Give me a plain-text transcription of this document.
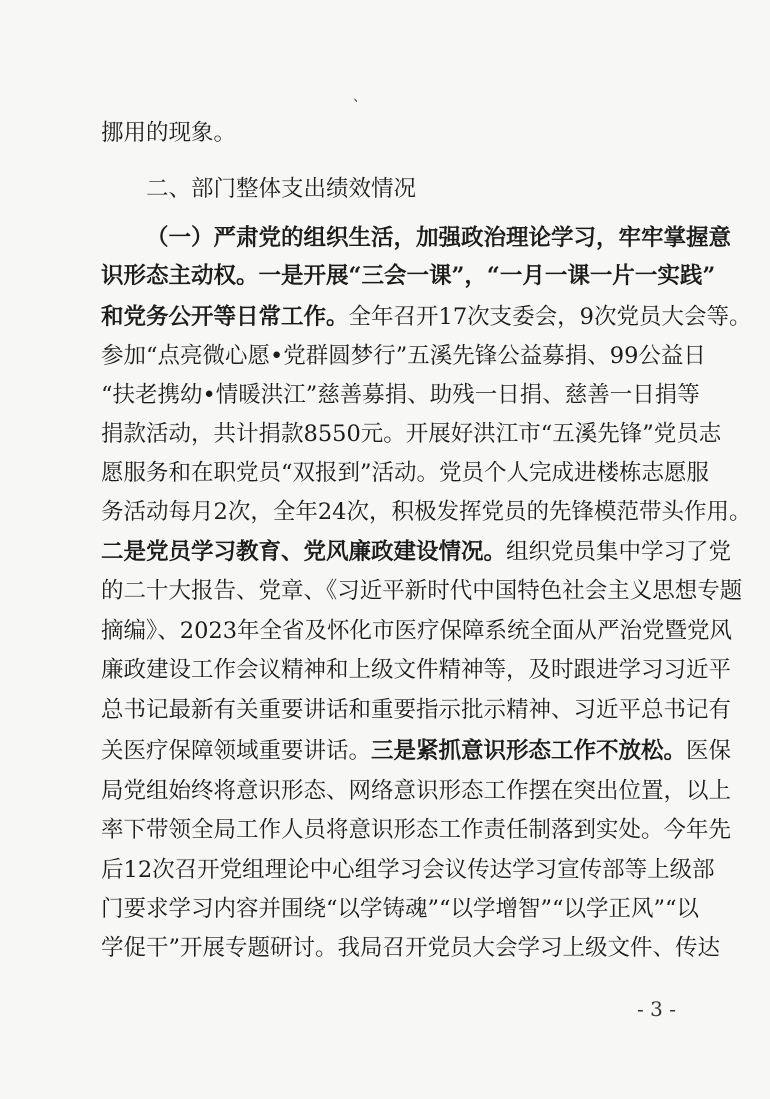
、
挪用的现象。
二、部门整体支出绩效情况
（一）严肃党的组织生活，加强政治理论学习，牢牢掌握意
识形态主动权。一是开展“三会一课”，“一月一课一片一实践”
和党务公开等日常工作。全年召开17次支委会，9次党员大会等。
参加“点亮微心愿•党群圆梦行”五溪先锋公益募捐、99公益日
“扶老携幼•情暖洪江”慈善募捐、助残一日捐、慈善一日捐等
捐款活动，共计捐款8550元。开展好洪江市“五溪先锋”党员志
愿服务和在职党员“双报到”活动。党员个人完成进楼栋志愿服
务活动每月2次，全年24次，积极发挥党员的先锋模范带头作用。
二是党员学习教育、党风廉政建设情况。组织党员集中学习了党
的二十大报告、党章、《习近平新时代中国特色社会主义思想专题
摘编》、2023年全省及怀化市医疗保障系统全面从严治党暨党风
廉政建设工作会议精神和上级文件精神等，及时跟进学习习近平
总书记最新有关重要讲话和重要指示批示精神、习近平总书记有
关医疗保障领域重要讲话。三是紧抓意识形态工作不放松。医保
局党组始终将意识形态、网络意识形态工作摆在突出位置，以上
率下带领全局工作人员将意识形态工作责任制落到实处。今年先
后12次召开党组理论中心组学习会议传达学习宣传部等上级部
门要求学习内容并围绕“以学铸魂”“以学增智”“以学正风”“以
学促干”开展专题研讨。我局召开党员大会学习上级文件、传达
- 3 -
